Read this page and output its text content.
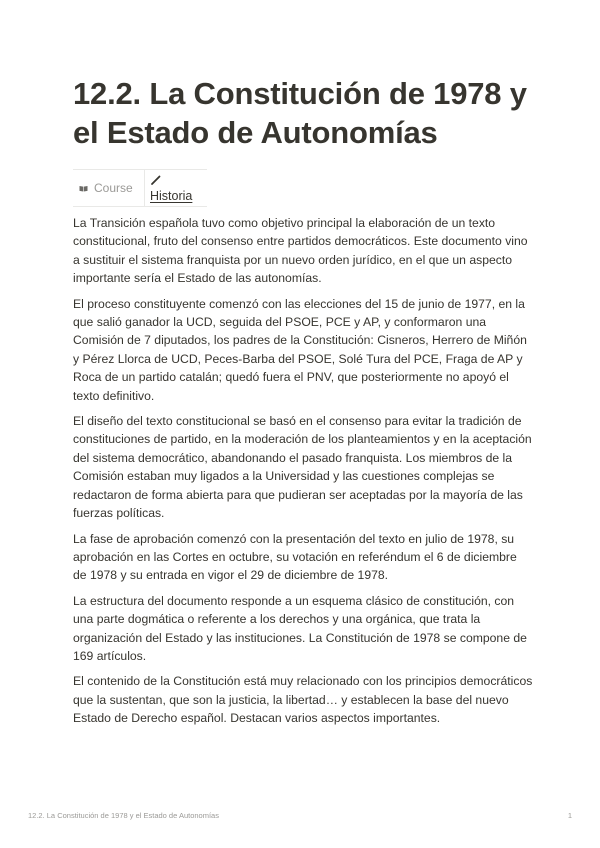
12.2. La Constitución de 1978 y el Estado de Autonomías
Course
Historia

La Transición española tuvo como objetivo principal la elaboración de un texto constitucional, fruto del consenso entre partidos democráticos. Este documento vino a sustituir el sistema franquista por un nuevo orden jurídico, en el que un aspecto importante sería el Estado de las autonomías.

El proceso constituyente comenzó con las elecciones del 15 de junio de 1977, en la que salió ganador la UCD, seguida del PSOE, PCE y AP, y conformaron una Comisión de 7 diputados, los padres de la Constitución: Cisneros, Herrero de Miñón y Pérez Llorca de UCD, Peces-Barba del PSOE, Solé Tura del PCE, Fraga de AP y Roca de un partido catalán; quedó fuera el PNV, que posteriormente no apoyó el texto definitivo.

El diseño del texto constitucional se basó en el consenso para evitar la tradición de constituciones de partido, en la moderación de los planteamientos y en la aceptación del sistema democrático, abandonando el pasado franquista. Los miembros de la Comisión estaban muy ligados a la Universidad y las cuestiones complejas se redactaron de forma abierta para que pudieran ser aceptadas por la mayoría de las fuerzas políticas.

La fase de aprobación comenzó con la presentación del texto en julio de 1978, su aprobación en las Cortes en octubre, su votación en referéndum el 6 de diciembre de 1978 y su entrada en vigor el 29 de diciembre de 1978.

La estructura del documento responde a un esquema clásico de constitución, con una parte dogmática o referente a los derechos y una orgánica, que trata la organización del Estado y las instituciones. La Constitución de 1978 se compone de 169 artículos.

El contenido de la Constitución está muy relacionado con los principios democráticos que la sustentan, que son la justicia, la libertad… y establecen la base del nuevo Estado de Derecho español. Destacan varios aspectos importantes.

12.2. La Constitución de 1978 y el Estado de Autonomías	1
